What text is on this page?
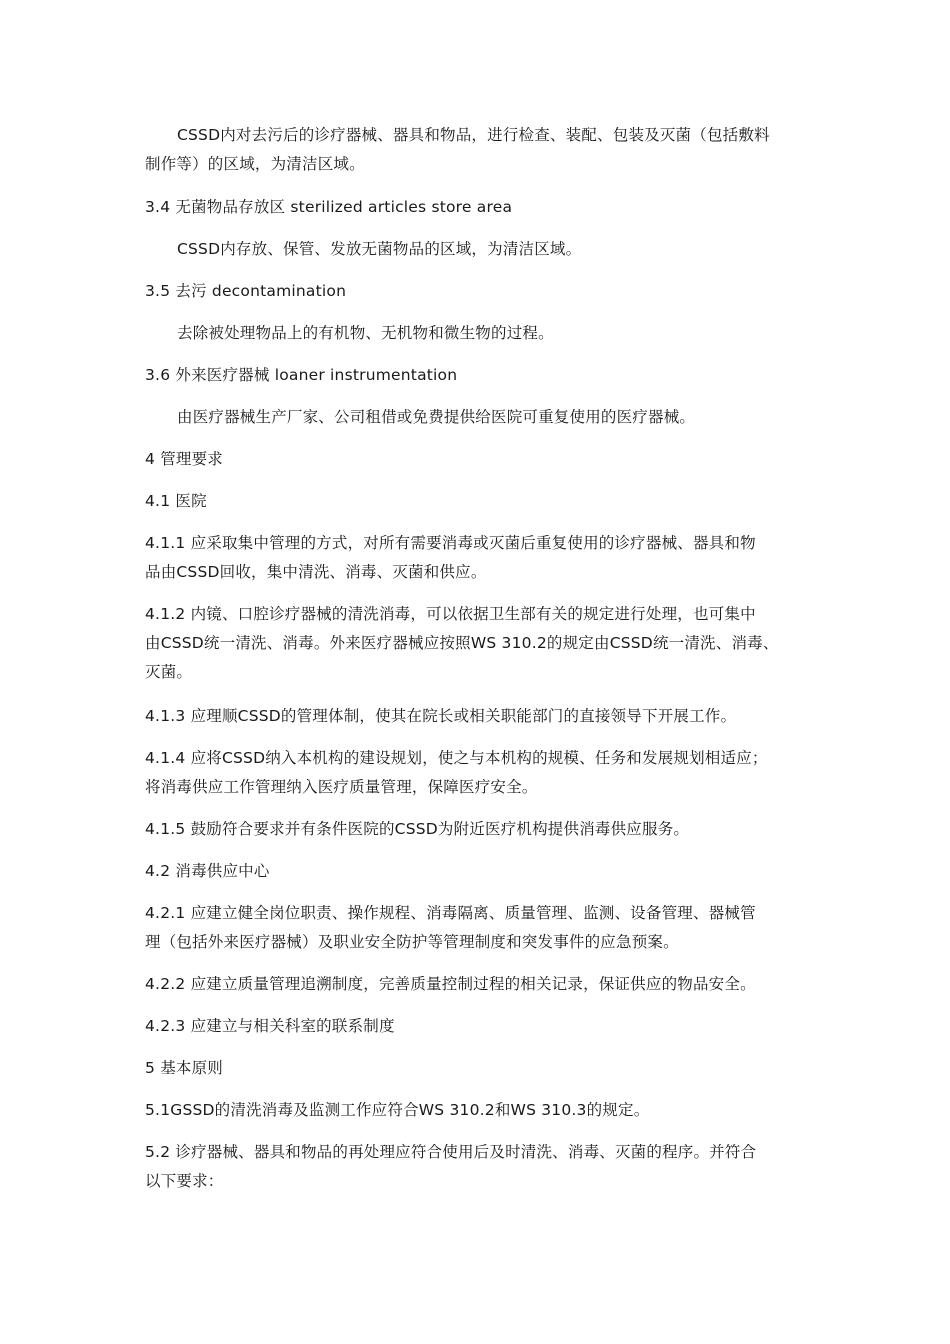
CSSD内对去污后的诊疗器械、器具和物品，进行检查、装配、包装及灭菌（包括敷料
制作等）的区域，为清洁区域。
3.4 无菌物品存放区 sterilized articles store area
CSSD内存放、保管、发放无菌物品的区域，为清洁区域。
3.5 去污 decontamination
去除被处理物品上的有机物、无机物和微生物的过程。
3.6 外来医疗器械 loaner instrumentation
由医疗器械生产厂家、公司租借或免费提供给医院可重复使用的医疗器械。
4 管理要求
4.1 医院
4.1.1 应采取集中管理的方式，对所有需要消毒或灭菌后重复使用的诊疗器械、器具和物
品由CSSD回收，集中清洗、消毒、灭菌和供应。
4.1.2 内镜、口腔诊疗器械的清洗消毒，可以依据卫生部有关的规定进行处理，也可集中
由CSSD统一清洗、消毒。外来医疗器械应按照WS 310.2的规定由CSSD统一清洗、消毒、
灭菌。
4.1.3 应理顺CSSD的管理体制，使其在院长或相关职能部门的直接领导下开展工作。
4.1.4 应将CSSD纳入本机构的建设规划，使之与本机构的规模、任务和发展规划相适应；
将消毒供应工作管理纳入医疗质量管理，保障医疗安全。
4.1.5 鼓励符合要求并有条件医院的CSSD为附近医疗机构提供消毒供应服务。
4.2 消毒供应中心
4.2.1 应建立健全岗位职责、操作规程、消毒隔离、质量管理、监测、设备管理、器械管
理（包括外来医疗器械）及职业安全防护等管理制度和突发事件的应急预案。
4.2.2 应建立质量管理追溯制度，完善质量控制过程的相关记录，保证供应的物品安全。
4.2.3 应建立与相关科室的联系制度
5 基本原则
5.1GSSD的清洗消毒及监测工作应符合WS 310.2和WS 310.3的规定。
5.2 诊疗器械、器具和物品的再处理应符合使用后及时清洗、消毒、灭菌的程序。并符合
以下要求：
